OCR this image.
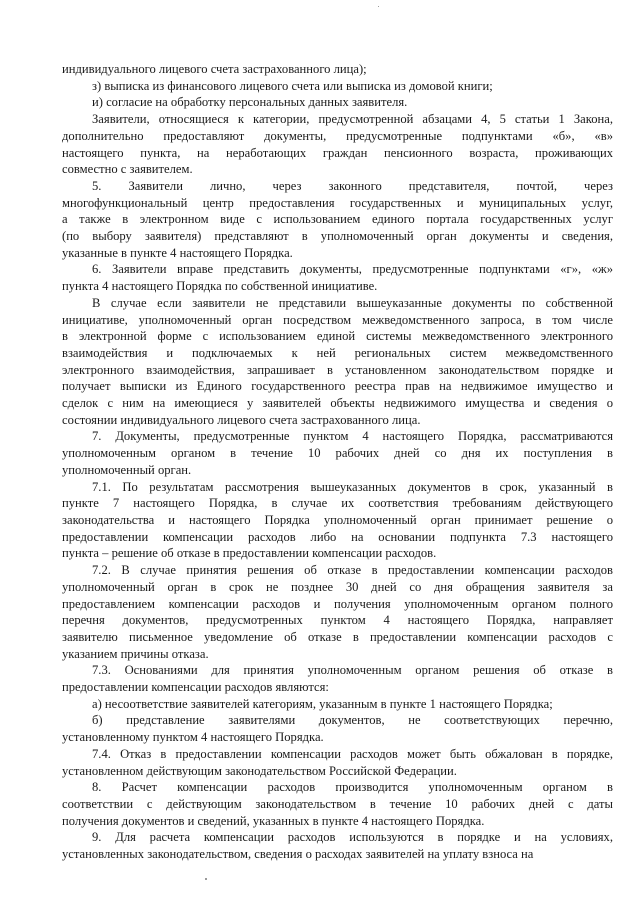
индивидуального лицевого счета застрахованного лица);
з) выписка из финансового лицевого счета или выписка из домовой книги;
и) согласие на обработку персональных данных заявителя.
Заявители, относящиеся к категории, предусмотренной абзацами 4, 5 статьи 1 Закона,
дополнительно предоставляют документы, предусмотренные подпунктами «б», «в»
настоящего пункта, на неработающих граждан пенсионного возраста, проживающих
совместно с заявителем.
5. Заявители лично, через законного представителя, почтой, через
многофункциональный центр предоставления государственных и муниципальных услуг,
а также в электронном виде с использованием единого портала государственных услуг
(по выбору заявителя) представляют в уполномоченный орган документы и сведения,
указанные в пункте 4 настоящего Порядка.
6. Заявители вправе представить документы, предусмотренные подпунктами «г», «ж»
пункта 4 настоящего Порядка по собственной инициативе.
В случае если заявители не представили вышеуказанные документы по собственной
инициативе, уполномоченный орган посредством межведомственного запроса, в том числе
в электронной форме с использованием единой системы межведомственного электронного
взаимодействия и подключаемых к ней региональных систем межведомственного
электронного взаимодействия, запрашивает в установленном законодательством порядке и
получает выписки из Единого государственного реестра прав на недвижимое имущество и
сделок с ним на имеющиеся у заявителей объекты недвижимого имущества и сведения о
состоянии индивидуального лицевого счета застрахованного лица.
7. Документы, предусмотренные пунктом 4 настоящего Порядка, рассматриваются
уполномоченным органом в течение 10 рабочих дней со дня их поступления в
уполномоченный орган.
7.1. По результатам рассмотрения вышеуказанных документов в срок, указанный в
пункте 7 настоящего Порядка, в случае их соответствия требованиям действующего
законодательства и настоящего Порядка уполномоченный орган принимает решение о
предоставлении компенсации расходов либо на основании подпункта 7.3 настоящего
пункта – решение об отказе в предоставлении компенсации расходов.
7.2. В случае принятия решения об отказе в предоставлении компенсации расходов
уполномоченный орган в срок не позднее 30 дней со дня обращения заявителя за
предоставлением компенсации расходов и получения уполномоченным органом полного
перечня документов, предусмотренных пунктом 4 настоящего Порядка, направляет
заявителю письменное уведомление об отказе в предоставлении компенсации расходов с
указанием причины отказа.
7.3. Основаниями для принятия уполномоченным органом решения об отказе в
предоставлении компенсации расходов являются:
а) несоответствие заявителей категориям, указанным в пункте 1 настоящего Порядка;
б) представление заявителями документов, не соответствующих перечню,
установленному пунктом 4 настоящего Порядка.
7.4. Отказ в предоставлении компенсации расходов может быть обжалован в порядке,
установленном действующим законодательством Российской Федерации.
8. Расчет компенсации расходов производится уполномоченным органом в
соответствии с действующим законодательством в течение 10 рабочих дней с даты
получения документов и сведений, указанных в пункте 4 настоящего Порядка.
9. Для расчета компенсации расходов используются в порядке и на условиях,
установленных законодательством, сведения о расходах заявителей на уплату взноса на
